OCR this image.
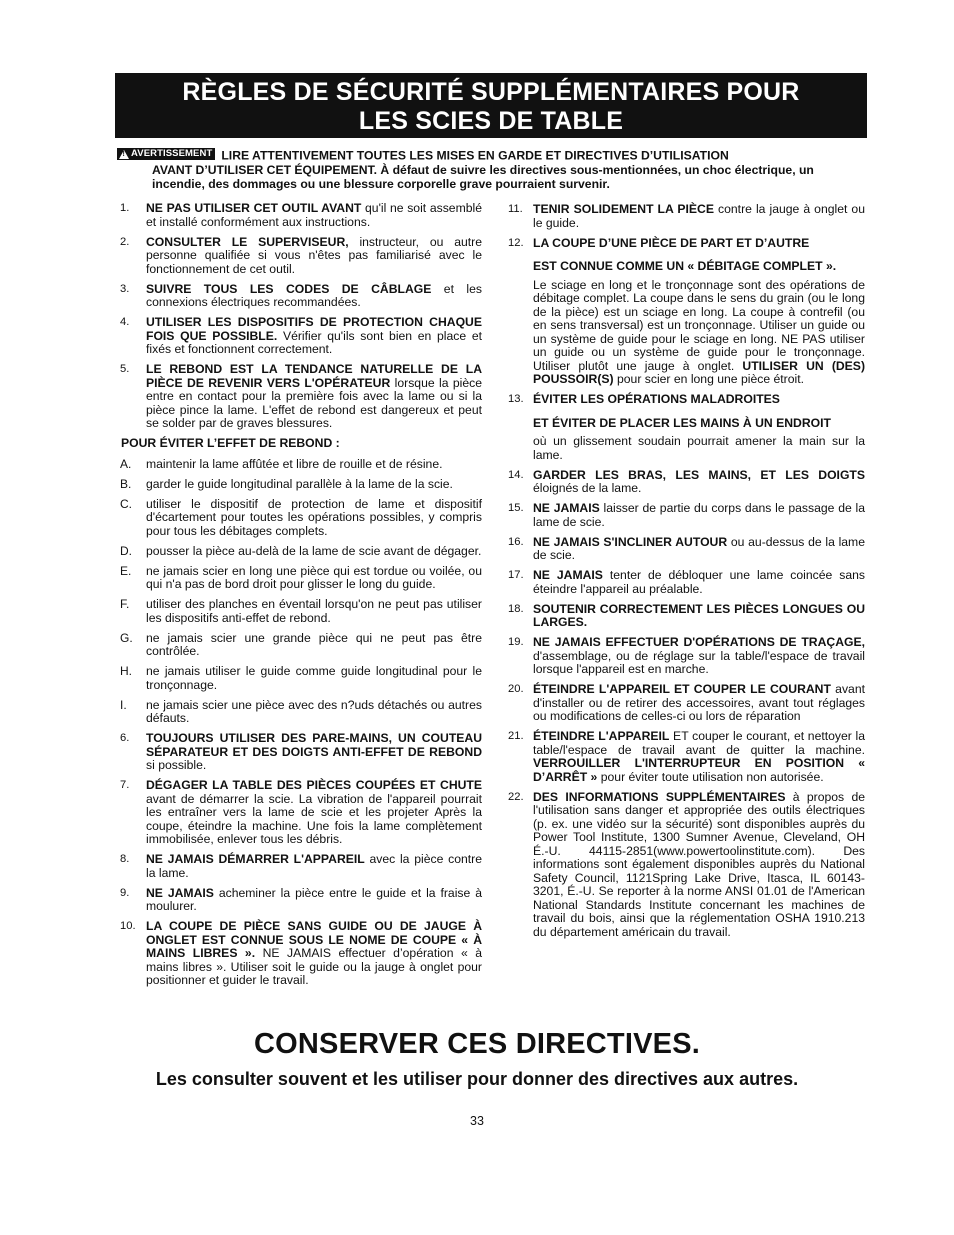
RÈGLES DE SÉCURITÉ SUPPLÉMENTAIRES POUR
LES SCIES DE TABLE
!
AVERTISSEMENT LIRE ATTENTIVEMENT TOUTES LES MISES EN GARDE ET DIRECTIVES D’UTILISATION
AVANT D’UTILISER CET ÉQUIPEMENT. À défaut de suivre les directives sous-mentionnées, un choc électrique, un incendie, des dommages ou une blessure corporelle grave pourraient survenir.
1. NE PAS UTILISER CET OUTIL AVANT qu'il ne soit assemblé et installé conformément aux instructions.
2. CONSULTER LE SUPERVISEUR, instructeur, ou autre personne qualifiée si vous n'êtes pas familiarisé avec le fonctionnement de cet outil.
3. SUIVRE TOUS LES CODES DE CÂBLAGE et les connexions électriques recommandées.
4. UTILISER LES DISPOSITIFS DE PROTECTION CHAQUE FOIS QUE POSSIBLE. Vérifier qu'ils sont bien en place et fixés et fonctionnent correctement.
5. LE REBOND EST LA TENDANCE NATURELLE DE LA PIÈCE DE REVENIR VERS L'OPÉRATEUR lorsque la pièce entre en contact pour la première fois avec la lame ou si la pièce pince la lame. L'effet de rebond est dangereux et peut se solder par de graves blessures.
POUR ÉVITER L’EFFET DE REBOND :
A. maintenir la lame affûtée et libre de rouille et de résine.
B. garder le guide longitudinal parallèle à la lame de la scie.
C. utiliser le dispositif de protection de lame et dispositif d'écartement pour toutes les opérations possibles, y compris pour tous les débitages complets.
D. pousser la pièce au-delà de la lame de scie avant de dégager.
E. ne jamais scier en long une pièce qui est tordue ou voilée, ou qui n'a pas de bord droit pour glisser le long du guide.
F. utiliser des planches en éventail lorsqu'on ne peut pas utiliser les dispositifs anti-effet de rebond.
G. ne jamais scier une grande pièce qui ne peut pas être contrôlée.
H. ne jamais utiliser le guide comme guide longitudinal pour le tronçonnage.
I. ne jamais scier une pièce avec des n?uds détachés ou autres défauts.
6. TOUJOURS UTILISER DES PARE-MAINS, UN COUTEAU SÉPARATEUR ET DES DOIGTS ANTI-EFFET DE REBOND si possible.
7. DÉGAGER LA TABLE DES PIÈCES COUPÉES ET CHUTE avant de démarrer la scie. La vibration de l'appareil pourrait les entraîner vers la lame de scie et les projeter Après la coupe, éteindre la machine. Une fois la lame complètement immobilisée, enlever tous les débris.
8. NE JAMAIS DÉMARRER L'APPAREIL avec la pièce contre la lame.
9. NE JAMAIS acheminer la pièce entre le guide et la fraise à moulurer.
10. LA COUPE DE PIÈCE SANS GUIDE OU DE JAUGE À ONGLET EST CONNUE SOUS LE NOME DE COUPE « À MAINS LIBRES ». NE JAMAIS effectuer d’opération « à mains libres ». Utiliser soit le guide ou la jauge à onglet pour positionner et guider le travail.
11. TENIR SOLIDEMENT LA PIÈCE contre la jauge à onglet ou le guide.
12. LA COUPE D’UNE PIÈCE DE PART ET D’AUTRE
EST CONNUE COMME UN « DÉBITAGE COMPLET ».
Le sciage en long et le tronçonnage sont des opérations de débitage complet. La coupe dans le sens du grain (ou le long de la pièce) est un sciage en long. La coupe à contrefil (ou en sens transversal) est un tronçonnage. Utiliser un guide ou un système de guide pour le sciage en long. NE PAS utiliser un guide ou un système de guide pour le tronçonnage. Utiliser plutôt une jauge à onglet. UTILISER UN (DES) POUSSOIR(S) pour scier en long une pièce étroit.
13. ÉVITER LES OPÉRATIONS MALADROITES
ET ÉVITER DE PLACER LES MAINS À UN ENDROIT
où un glissement soudain pourrait amener la main sur la lame.
14. GARDER LES BRAS, LES MAINS, ET LES DOIGTS éloignés de la lame.
15. NE JAMAIS laisser de partie du corps dans le passage de la lame de scie.
16. NE JAMAIS S'INCLINER AUTOUR ou au-dessus de la lame de scie.
17. NE JAMAIS tenter de débloquer une lame coincée sans éteindre l'appareil au préalable.
18. SOUTENIR CORRECTEMENT LES PIÈCES LONGUES OU LARGES.
19. NE JAMAIS EFFECTUER D'OPÉRATIONS DE TRAÇAGE, d'assemblage, ou de réglage sur la table/l'espace de travail lorsque l'appareil est en marche.
20. ÉTEINDRE L'APPAREIL ET COUPER LE COURANT avant d'installer ou de retirer des accessoires, avant tout réglages ou modifications de celles-ci ou lors de réparation
21. ÉTEINDRE L'APPAREIL ET couper le courant, et nettoyer la table/l'espace de travail avant de quitter la machine. VERROUILLER L'INTERRUPTEUR EN POSITION « D’ARRÊT » pour éviter toute utilisation non autorisée.
22. DES INFORMATIONS SUPPLÉMENTAIRES à propos de l'utilisation sans danger et appropriée des outils électriques (p. ex. une vidéo sur la sécurité) sont disponibles auprès du Power Tool Institute, 1300 Sumner Avenue, Cleveland, OH É.-U. 44115-2851(www.powertoolinstitute.com). Des informations sont également disponibles auprès du National Safety Council, 1121Spring Lake Drive, Itasca, IL 60143-3201, É.-U. Se reporter à la norme ANSI 01.01 de l'American National Standards Institute concernant les machines de travail du bois, ainsi que la réglementation OSHA 1910.213 du département américain du travail.
CONSERVER CES DIRECTIVES.

Les consulter souvent et les utiliser pour donner des directives aux autres.

33
